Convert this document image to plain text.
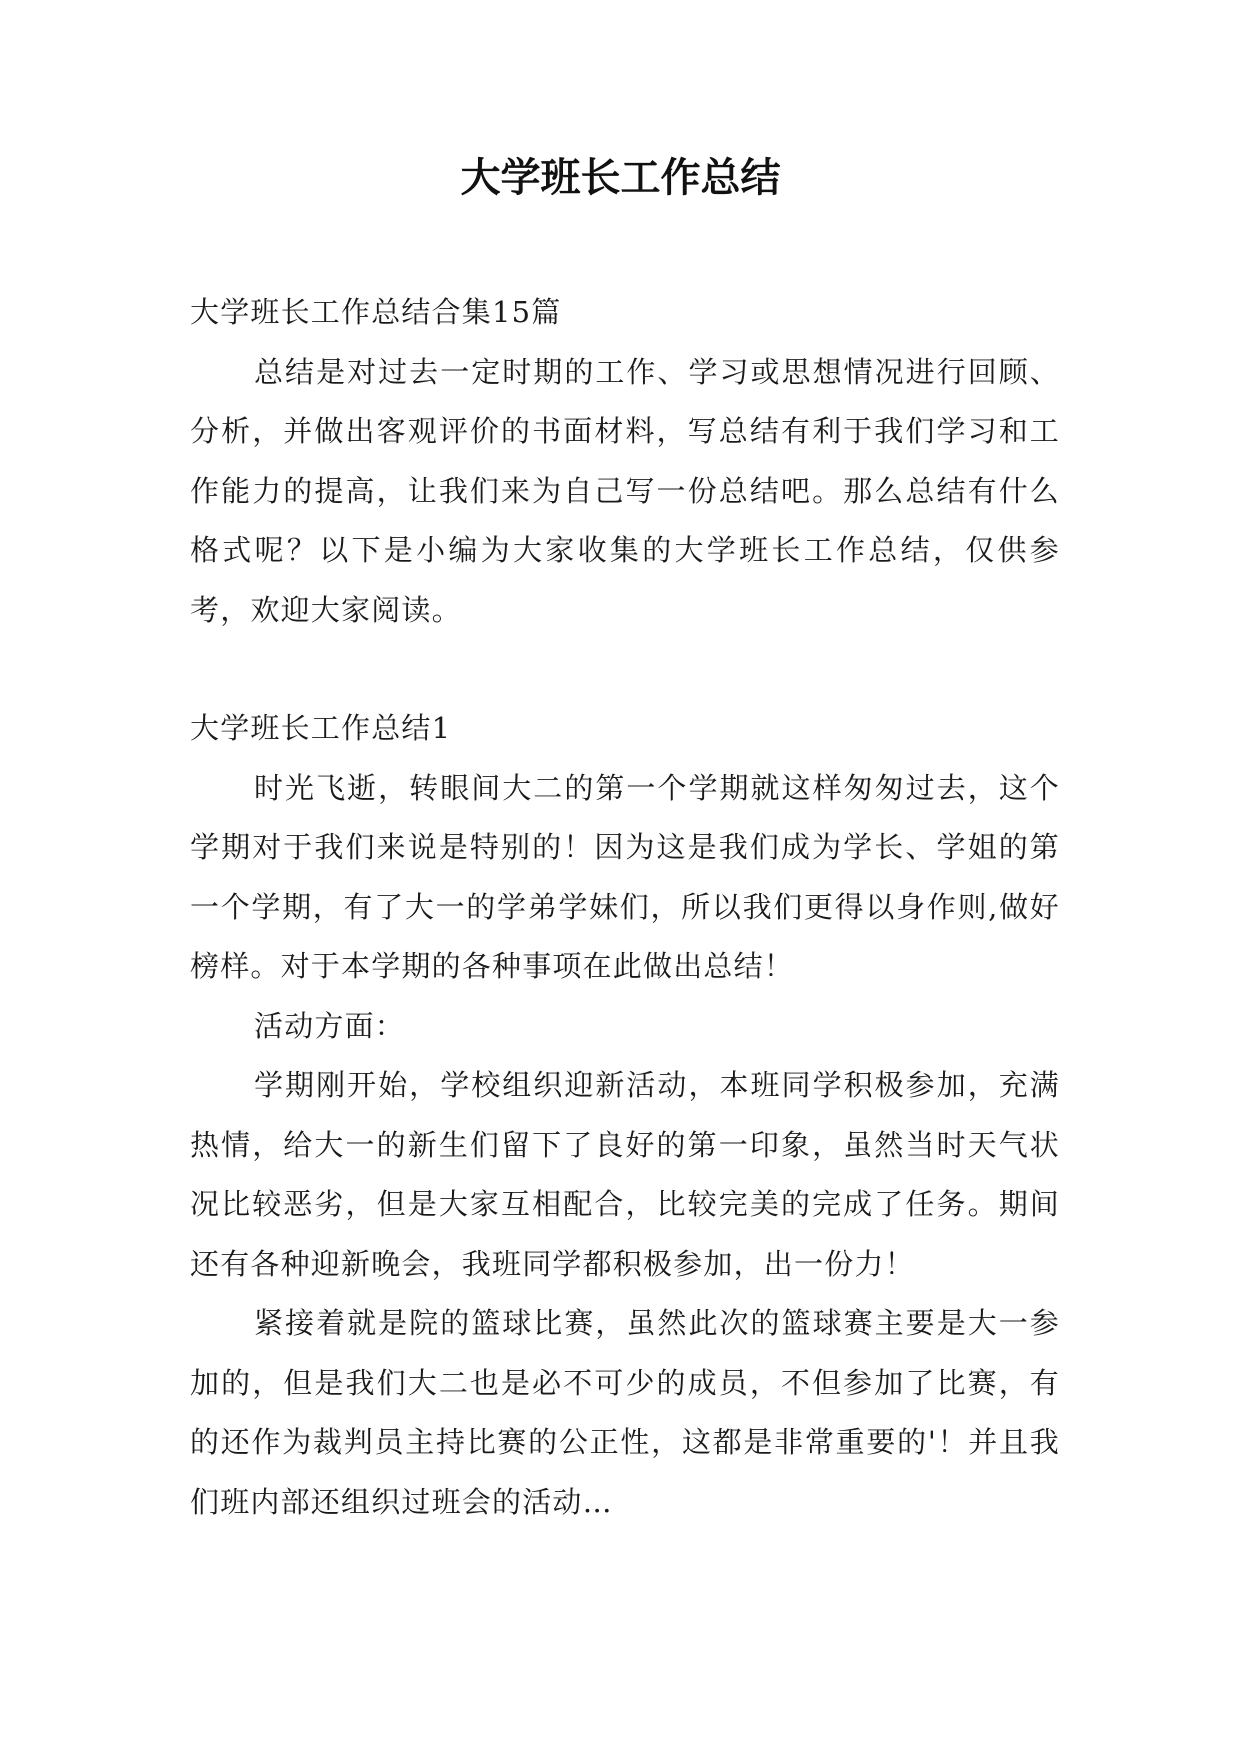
大学班长工作总结

大学班长工作总结合集15篇

总结是对过去一定时期的工作、学习或思想情况进行回顾、分析，并做出客观评价的书面材料，写总结有利于我们学习和工作能力的提高，让我们来为自己写一份总结吧。那么总结有什么格式呢？以下是小编为大家收集的大学班长工作总结，仅供参考，欢迎大家阅读。

大学班长工作总结1

时光飞逝，转眼间大二的第一个学期就这样匆匆过去，这个学期对于我们来说是特别的！因为这是我们成为学长、学姐的第一个学期，有了大一的学弟学妹们，所以我们更得以身作则,做好榜样。对于本学期的各种事项在此做出总结！

活动方面：

学期刚开始，学校组织迎新活动，本班同学积极参加，充满热情，给大一的新生们留下了良好的第一印象，虽然当时天气状况比较恶劣，但是大家互相配合，比较完美的完成了任务。期间还有各种迎新晚会，我班同学都积极参加，出一份力！

紧接着就是院的篮球比赛，虽然此次的篮球赛主要是大一参加的，但是我们大二也是必不可少的成员，不但参加了比赛，有的还作为裁判员主持比赛的公正性，这都是非常重要的'！并且我们班内部还组织过班会的活动…
